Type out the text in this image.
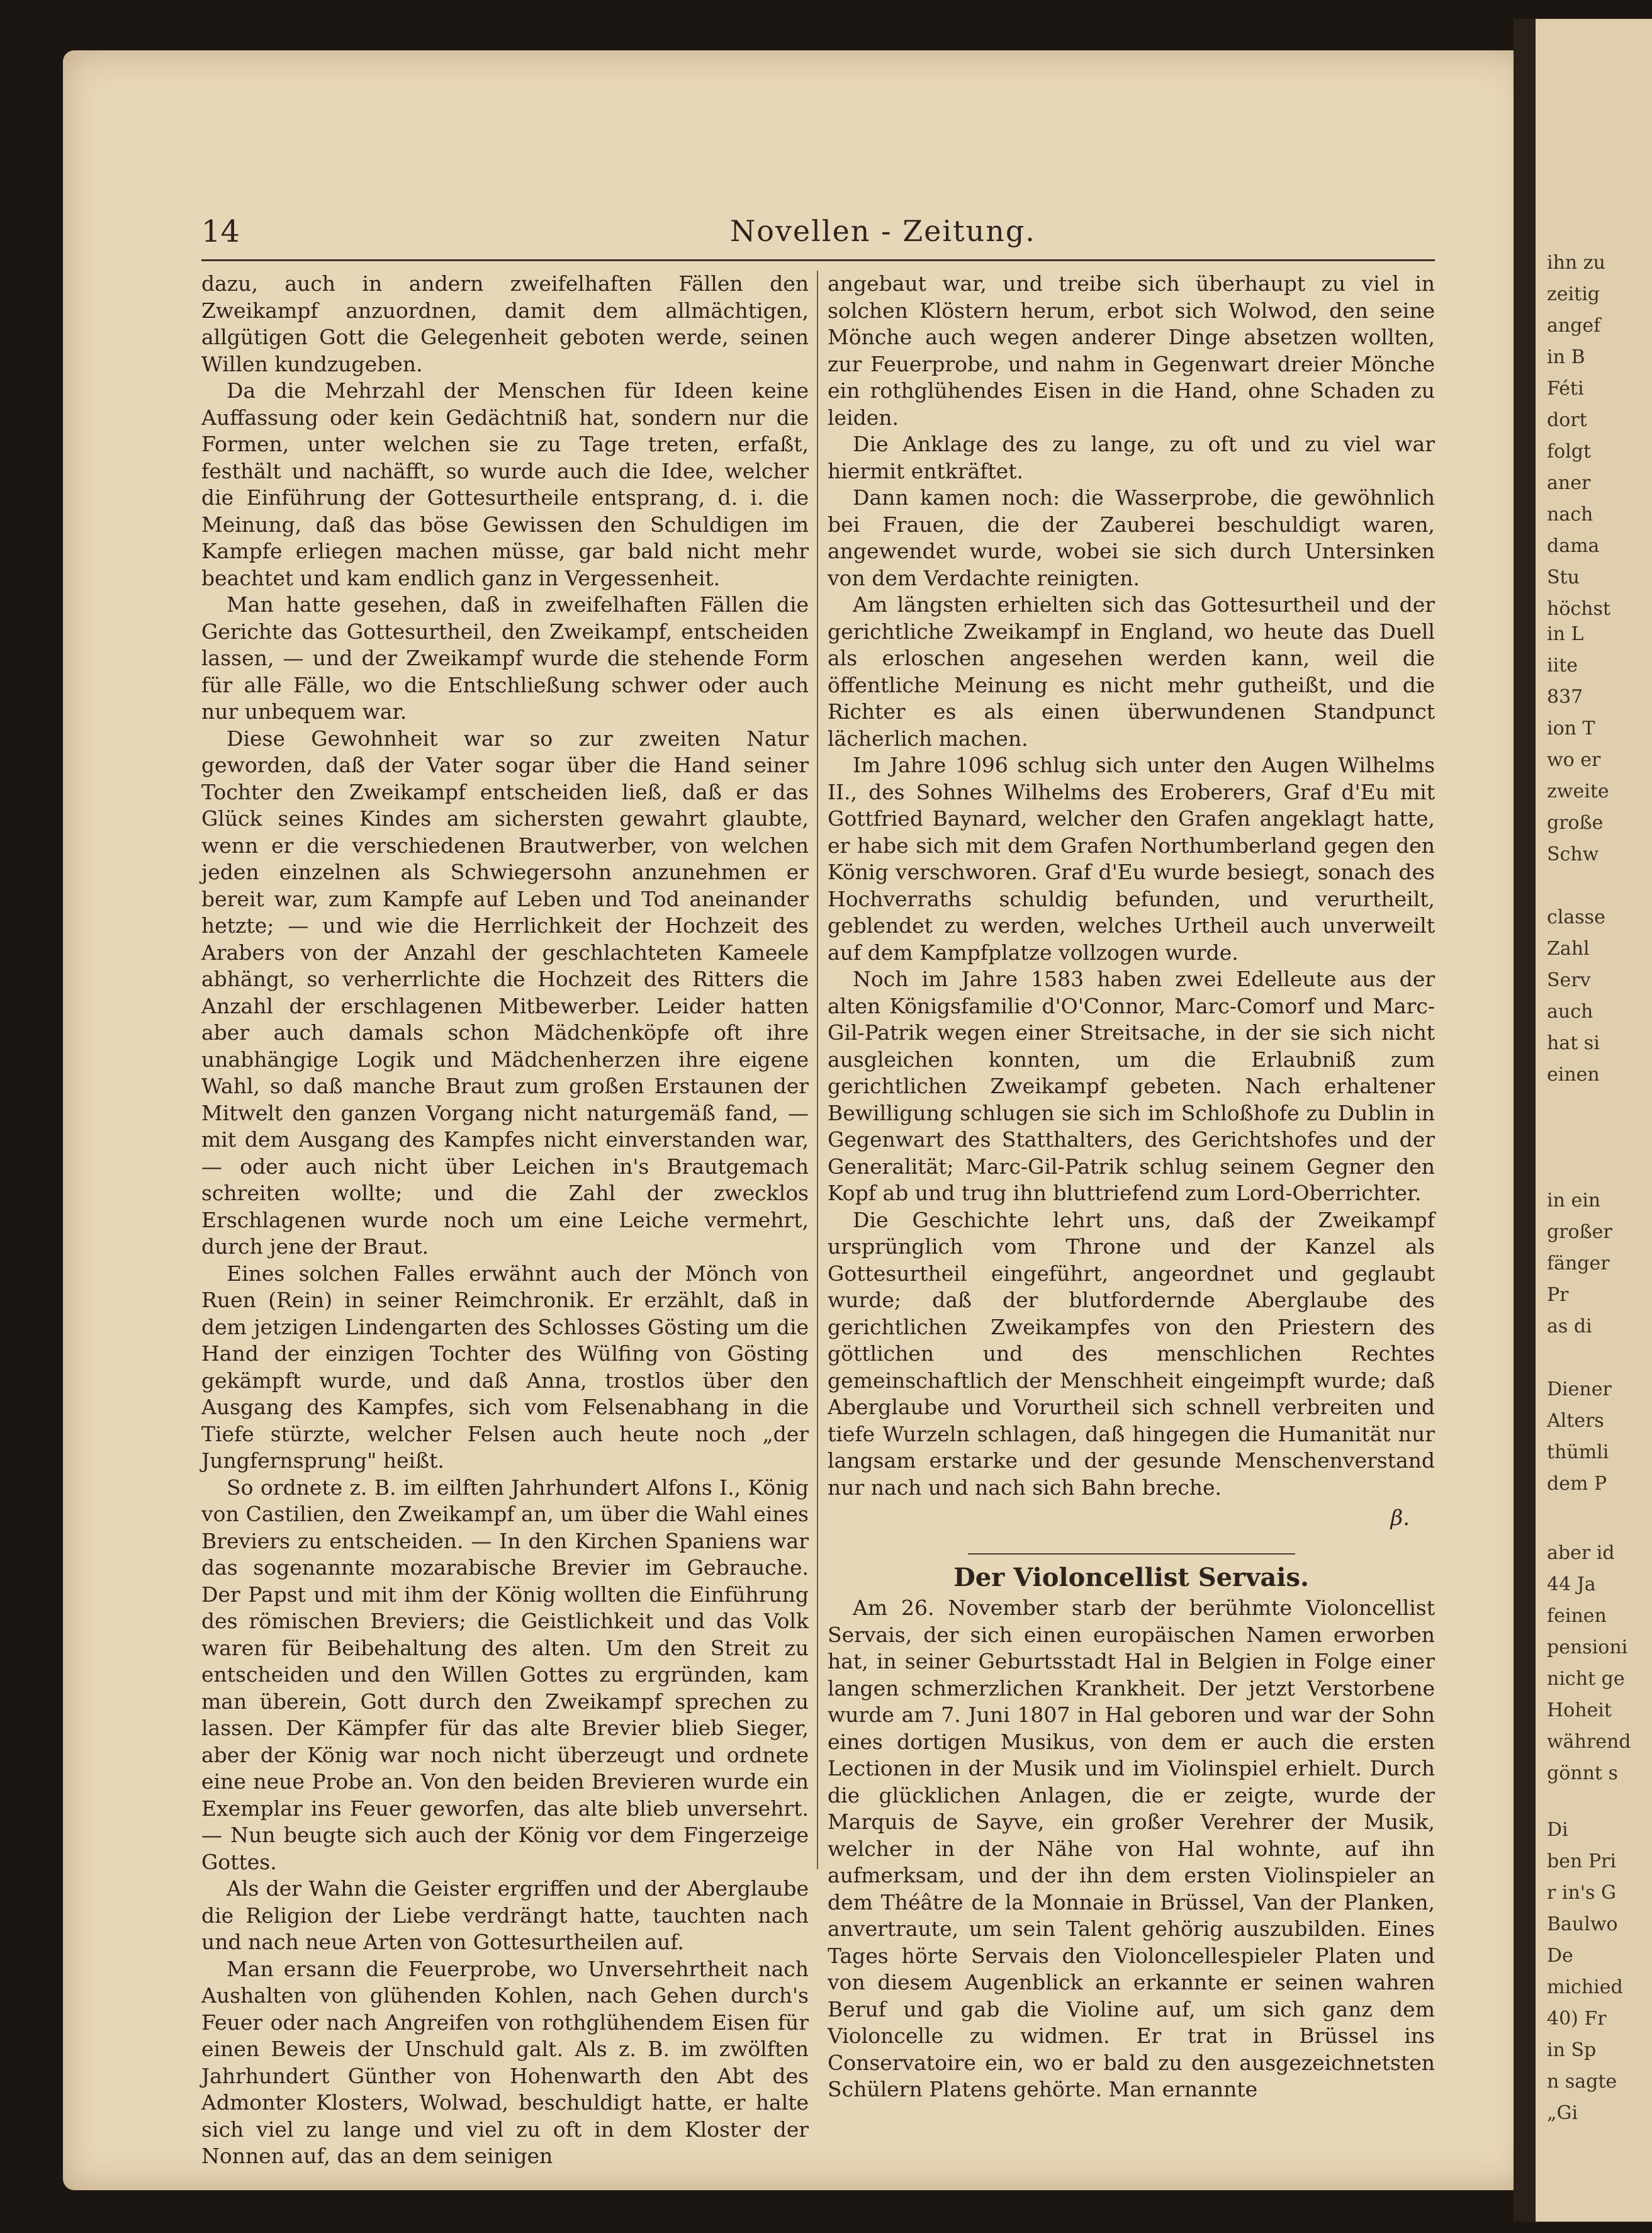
ihn zu
zeitig
angef
in B
Féti
dort
folgt
aner
nach
dama
Stu
höchst
in L
iite
837
ion T
wo er
zweite
große
Schw
classe
Zahl
Serv
auch
hat si
einen
in ein
großer
fänger
Pr
as di
Diener
Alters
thümli
dem P
aber id
44 Ja
feinen
pensioni
nicht ge
Hoheit
während
gönnt s
Di
ben Pri
r in's G
Baulwo
De
michied
40) Fr
in Sp
n sagte
„Gi
14	Novellen - Zeitung.

dazu, auch in andern zweifelhaften Fällen den Zweikampf anzuordnen, damit dem allmächtigen, allgütigen Gott die Gelegenheit geboten werde, seinen Willen kundzugeben.

Da die Mehrzahl der Menschen für Ideen keine Auffassung oder kein Gedächtniß hat, sondern nur die Formen, unter welchen sie zu Tage treten, erfaßt, festhält und nachäfft, so wurde auch die Idee, welcher die Einführung der Gottesurtheile entsprang, d. i. die Meinung, daß das böse Gewissen den Schuldigen im Kampfe erliegen machen müsse, gar bald nicht mehr beachtet und kam endlich ganz in Vergessenheit.

Man hatte gesehen, daß in zweifelhaften Fällen die Gerichte das Gottesurtheil, den Zweikampf, entscheiden lassen, — und der Zweikampf wurde die stehende Form für alle Fälle, wo die Entschließung schwer oder auch nur unbequem war.

Diese Gewohnheit war so zur zweiten Natur geworden, daß der Vater sogar über die Hand seiner Tochter den Zweikampf entscheiden ließ, daß er das Glück seines Kindes am sichersten gewahrt glaubte, wenn er die verschiedenen Brautwerber, von welchen jeden einzelnen als Schwiegersohn anzunehmen er bereit war, zum Kampfe auf Leben und Tod aneinander hetzte; — und wie die Herrlichkeit der Hochzeit des Arabers von der Anzahl der geschlachteten Kameele abhängt, so verherrlichte die Hochzeit des Ritters die Anzahl der erschlagenen Mitbewerber. Leider hatten aber auch damals schon Mädchenköpfe oft ihre unabhängige Logik und Mädchenherzen ihre eigene Wahl, so daß manche Braut zum großen Erstaunen der Mitwelt den ganzen Vorgang nicht naturgemäß fand, — mit dem Ausgang des Kampfes nicht einverstanden war, — oder auch nicht über Leichen in's Brautgemach schreiten wollte; und die Zahl der zwecklos Erschlagenen wurde noch um eine Leiche vermehrt, durch jene der Braut.

Eines solchen Falles erwähnt auch der Mönch von Ruen (Rein) in seiner Reimchronik. Er erzählt, daß in dem jetzigen Lindengarten des Schlosses Gösting um die Hand der einzigen Tochter des Wülfing von Gösting gekämpft wurde, und daß Anna, trostlos über den Ausgang des Kampfes, sich vom Felsenabhang in die Tiefe stürzte, welcher Felsen auch heute noch „der Jungfernsprung" heißt.

So ordnete z. B. im eilften Jahrhundert Alfons I., König von Castilien, den Zweikampf an, um über die Wahl eines Breviers zu entscheiden. — In den Kirchen Spaniens war das sogenannte mozarabische Brevier im Gebrauche. Der Papst und mit ihm der König wollten die Einführung des römischen Breviers; die Geistlichkeit und das Volk waren für Beibehaltung des alten. Um den Streit zu entscheiden und den Willen Gottes zu ergründen, kam man überein, Gott durch den Zweikampf sprechen zu lassen. Der Kämpfer für das alte Brevier blieb Sieger, aber der König war noch nicht überzeugt und ordnete eine neue Probe an. Von den beiden Brevieren wurde ein Exemplar ins Feuer geworfen, das alte blieb unversehrt. — Nun beugte sich auch der König vor dem Fingerzeige Gottes.

Als der Wahn die Geister ergriffen und der Aberglaube die Religion der Liebe verdrängt hatte, tauchten nach und nach neue Arten von Gottesurtheilen auf.

Man ersann die Feuerprobe, wo Unversehrtheit nach Aushalten von glühenden Kohlen, nach Gehen durch's Feuer oder nach Angreifen von rothglühendem Eisen für einen Beweis der Unschuld galt. Als z. B. im zwölften Jahrhundert Günther von Hohenwarth den Abt des Admonter Klosters, Wolwad, beschuldigt hatte, er halte sich viel zu lange und viel zu oft in dem Kloster der Nonnen auf, das an dem seinigen

angebaut war, und treibe sich überhaupt zu viel in solchen Klöstern herum, erbot sich Wolwod, den seine Mönche auch wegen anderer Dinge absetzen wollten, zur Feuerprobe, und nahm in Gegenwart dreier Mönche ein rothglühendes Eisen in die Hand, ohne Schaden zu leiden.

Die Anklage des zu lange, zu oft und zu viel war hiermit entkräftet.

Dann kamen noch: die Wasserprobe, die gewöhnlich bei Frauen, die der Zauberei beschuldigt waren, angewendet wurde, wobei sie sich durch Untersinken von dem Verdachte reinigten.

Am längsten erhielten sich das Gottesurtheil und der gerichtliche Zweikampf in England, wo heute das Duell als erloschen angesehen werden kann, weil die öffentliche Meinung es nicht mehr gutheißt, und die Richter es als einen überwundenen Standpunct lächerlich machen.

Im Jahre 1096 schlug sich unter den Augen Wilhelms II., des Sohnes Wilhelms des Eroberers, Graf d'Eu mit Gottfried Baynard, welcher den Grafen angeklagt hatte, er habe sich mit dem Grafen Northumberland gegen den König verschworen. Graf d'Eu wurde besiegt, sonach des Hochverraths schuldig befunden, und verurtheilt, geblendet zu werden, welches Urtheil auch unverweilt auf dem Kampfplatze vollzogen wurde.

Noch im Jahre 1583 haben zwei Edelleute aus der alten Königsfamilie d'O'Connor, Marc-Comorf und Marc-Gil-Patrik wegen einer Streitsache, in der sie sich nicht ausgleichen konnten, um die Erlaubniß zum gerichtlichen Zweikampf gebeten. Nach erhaltener Bewilligung schlugen sie sich im Schloßhofe zu Dublin in Gegenwart des Statthalters, des Gerichtshofes und der Generalität; Marc-Gil-Patrik schlug seinem Gegner den Kopf ab und trug ihn bluttriefend zum Lord-Oberrichter.

Die Geschichte lehrt uns, daß der Zweikampf ursprünglich vom Throne und der Kanzel als Gottesurtheil eingeführt, angeordnet und geglaubt wurde; daß der blutfordernde Aberglaube des gerichtlichen Zweikampfes von den Priestern des göttlichen und des menschlichen Rechtes gemeinschaftlich der Menschheit eingeimpft wurde; daß Aberglaube und Vorurtheil sich schnell verbreiten und tiefe Wurzeln schlagen, daß hingegen die Humanität nur langsam erstarke und der gesunde Menschenverstand nur nach und nach sich Bahn breche.

β.
Der Violoncellist Servais.

Am 26. November starb der berühmte Violoncellist Servais, der sich einen europäischen Namen erworben hat, in seiner Geburtsstadt Hal in Belgien in Folge einer langen schmerzlichen Krankheit. Der jetzt Verstorbene wurde am 7. Juni 1807 in Hal geboren und war der Sohn eines dortigen Musikus, von dem er auch die ersten Lectionen in der Musik und im Violinspiel erhielt. Durch die glücklichen Anlagen, die er zeigte, wurde der Marquis de Sayve, ein großer Verehrer der Musik, welcher in der Nähe von Hal wohnte, auf ihn aufmerksam, und der ihn dem ersten Violinspieler an dem Théâtre de la Monnaie in Brüssel, Van der Planken, anvertraute, um sein Talent gehörig auszubilden. Eines Tages hörte Servais den Violoncellespieler Platen und von diesem Augenblick an erkannte er seinen wahren Beruf und gab die Violine auf, um sich ganz dem Violoncelle zu widmen. Er trat in Brüssel ins Conservatoire ein, wo er bald zu den ausgezeichnetsten Schülern Platens gehörte. Man ernannte
